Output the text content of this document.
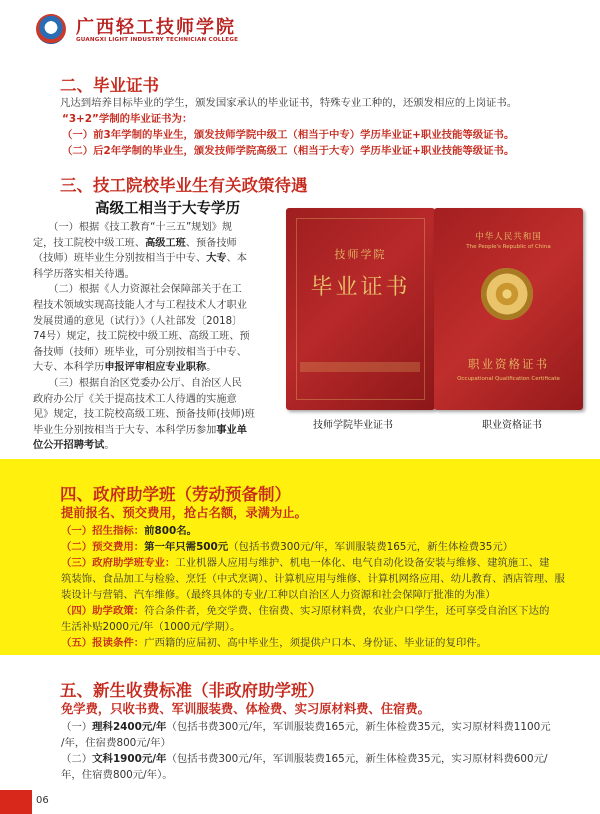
广西轻工技师学院
GUANGXI LIGHT INDUSTRY TECHNICIAN COLLEGE
二、毕业证书
凡达到培养目标毕业的学生，颁发国家承认的毕业证书，特殊专业工种的，还颁发相应的上岗证书。
“3+2”学制的毕业证书为：
（一）前3年学制的毕业生，颁发技师学院中级工（相当于中专）学历毕业证+职业技能等级证书。
（二）后2年学制的毕业生，颁发技师学院高级工（相当于大专）学历毕业证+职业技能等级证书。
三、技工院校毕业生有关政策待遇
高级工相当于大专学历
　　（一）根据《技工教育“十三五”规划》规
定，技工院校中级工班、高级工班、预备技师
（技师）班毕业生分别按相当于中专、大专、本
科学历落实相关待遇。
　　（二）根据《人力资源社会保障部关于在工
程技术领域实现高技能人才与工程技术人才职业
发展贯通的意见（试行）》（人社部发〔2018〕
74号）规定，技工院校中级工班、高级工班、预
备技师（技师）班毕业，可分别按相当于中专、
大专、本科学历申报评审相应专业职称。
　　（三）根据自治区党委办公厅、自治区人民
政府办公厅《关于提高技术工人待遇的实施意
见》规定，技工院校高级工班、预备技师(技师)班
毕业生分别按相当于大专、本科学历参加事业单
位公开招聘考试。
技师学院
毕业证书
中华人民共和国
The People's Republic of China
职业资格证书
Occupational Qualification Certificate
技师学院毕业证书	职业资格证书
四、政府助学班（劳动预备制）
提前报名、预交费用，抢占名额，录满为止。
（一）招生指标：前800名。
（二）预交费用：第一年只需500元（包括书费300元/年，军训服装费165元，新生体检费35元）
（三）政府助学班专业：工业机器人应用与维护、机电一体化、电气自动化设备安装与维修、建筑施工、建
筑装饰、食品加工与检验、烹饪（中式烹调）、计算机应用与维修、计算机网络应用、幼儿教育、酒店管理、服
装设计与营销、汽车维修。（最终具体的专业/工种以自治区人力资源和社会保障厅批准的为准）
（四）助学政策：符合条件者，免交学费、住宿费、实习原材料费，农业户口学生，还可享受自治区下达的
生活补贴2000元/年（1000元/学期）。
（五）报读条件：广西籍的应届初、高中毕业生，须提供户口本、身份证、毕业证的复印件。
五、新生收费标准（非政府助学班）
免学费，只收书费、军训服装费、体检费、实习原材料费、住宿费。
（一）理科2400元/年（包括书费300元/年，军训服装费165元，新生体检费35元，实习原材料费1100元
/年，住宿费800元/年）
（二）文科1900元/年（包括书费300元/年，军训服装费165元，新生体检费35元，实习原材料费600元/
年，住宿费800元/年）。
06
